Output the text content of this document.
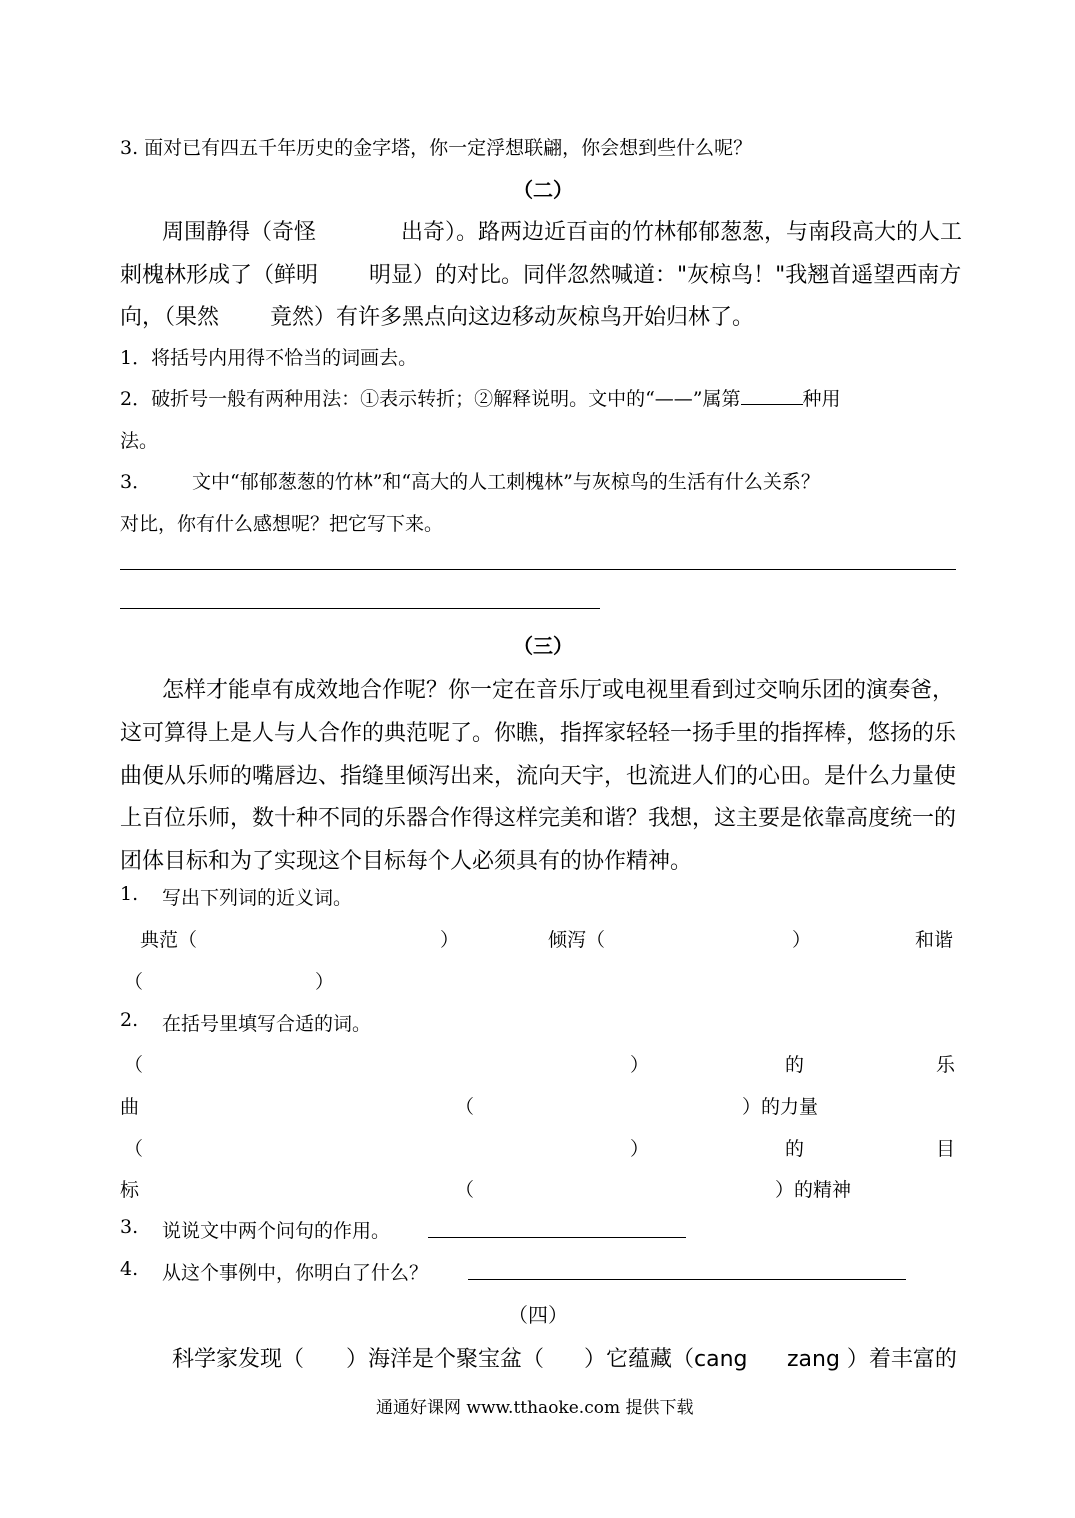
3. 面对已有四五千年历史的金字塔，你一定浮想联翩，你会想到些什么呢？
（二）
周围静得（奇怪	出奇）。路两边近百亩的竹林郁郁葱葱，与南段高大的人工
刺槐林形成了（鲜明 明显）的对比。同伴忽然喊道："灰椋鸟！"我翘首遥望西南方
向，（果然 竟然）有许多黑点向这边移动灰椋鸟开始归林了。
1．将括号内用得不恰当的词画去。
2．破折号一般有两种用法：①表示转折；②解释说明。文中的“——”属第	种用
法。
3． 文中“郁郁葱葱的竹林”和“高大的人工刺槐林”与灰椋鸟的生活有什么关系？
对比，你有什么感想呢？把它写下来。
（三）
怎样才能卓有成效地合作呢？你一定在音乐厅或电视里看到过交响乐团的演奏爸，
这可算得上是人与人合作的典范呢了。你瞧，指挥家轻轻一扬手里的指挥棒，悠扬的乐
曲便从乐师的嘴唇边、指缝里倾泻出来，流向天宇，也流进人们的心田。是什么力量使
上百位乐师，数十种不同的乐器合作得这样完美和谐？我想，这主要是依靠高度统一的
团体目标和为了实现这个目标每个人必须具有的协作精神。
1. 写出下列词的近义词。
典范（	）	倾泻（	）	和谐
（	）
2. 在括号里填写合适的词。
（	）	的	乐
曲	（	）的力量
（	）	的	目
标	（	）的精神
3. 说说文中两个问句的作用。
4. 从这个事例中，你明白了什么？
（四）
科学家发现（ ）海洋是个聚宝盆（ ）它蕴藏（cang zang ）着丰富的
通通好课网 www.tthaoke.com 提供下载
